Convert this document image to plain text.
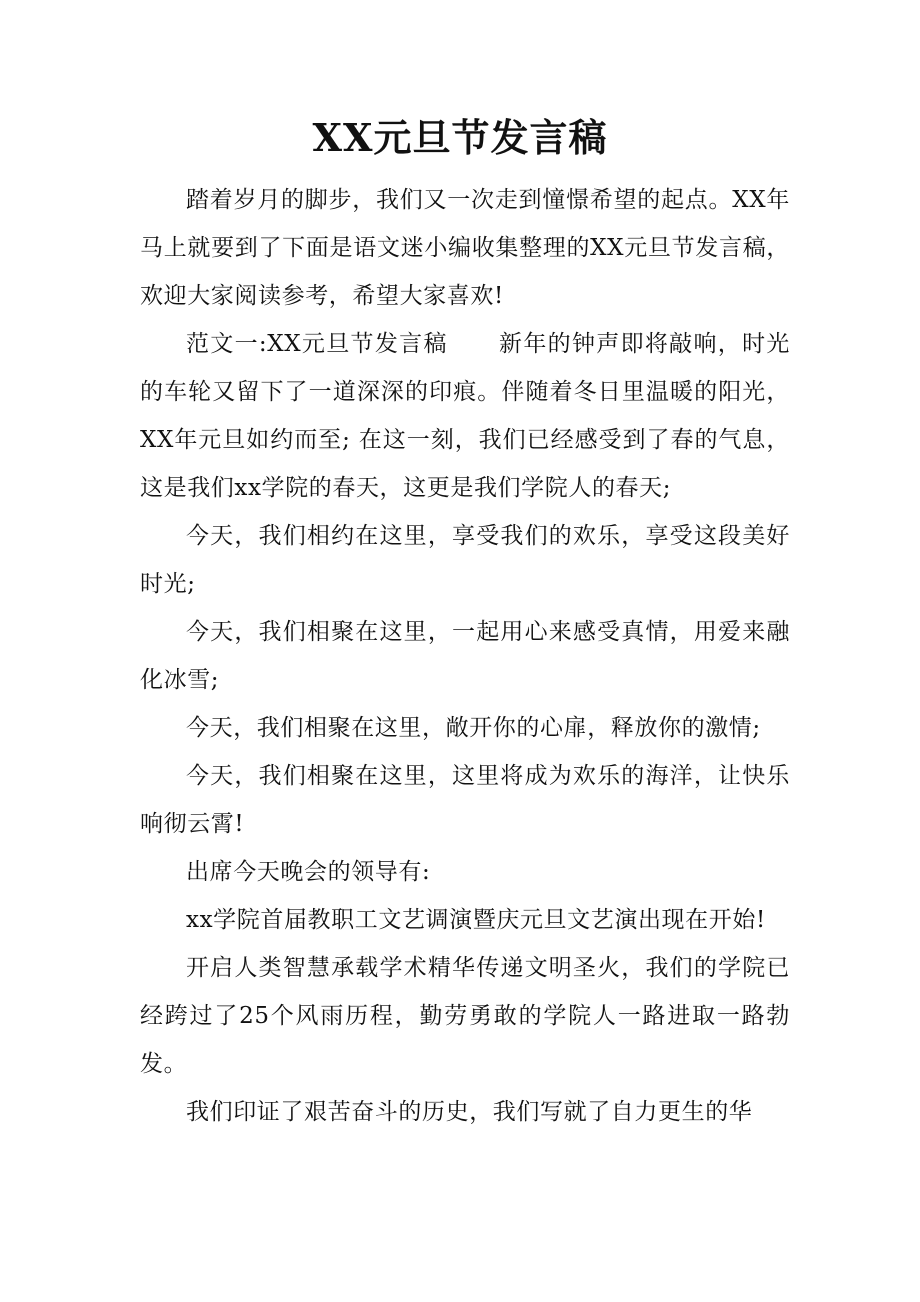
XX元旦节发言稿

踏着岁月的脚步，我们又一次走到憧憬希望的起点。XX年马上就要到了下面是语文迷小编收集整理的XX元旦节发言稿，欢迎大家阅读参考，希望大家喜欢!

范文一:XX元旦节发言稿 新年的钟声即将敲响，时光的车轮又留下了一道深深的印痕。伴随着冬日里温暖的阳光，XX年元旦如约而至; 在这一刻，我们已经感受到了春的气息，这是我们xx学院的春天，这更是我们学院人的春天;

今天，我们相约在这里，享受我们的欢乐，享受这段美好时光;

今天，我们相聚在这里，一起用心来感受真情，用爱来融化冰雪;

今天，我们相聚在这里，敞开你的心扉，释放你的激情;

今天，我们相聚在这里，这里将成为欢乐的海洋，让快乐响彻云霄!

出席今天晚会的领导有:

xx学院首届教职工文艺调演暨庆元旦文艺演出现在开始!

开启人类智慧承载学术精华传递文明圣火，我们的学院已经跨过了25个风雨历程，勤劳勇敢的学院人一路进取一路勃发。

我们印证了艰苦奋斗的历史，我们写就了自力更生的华
